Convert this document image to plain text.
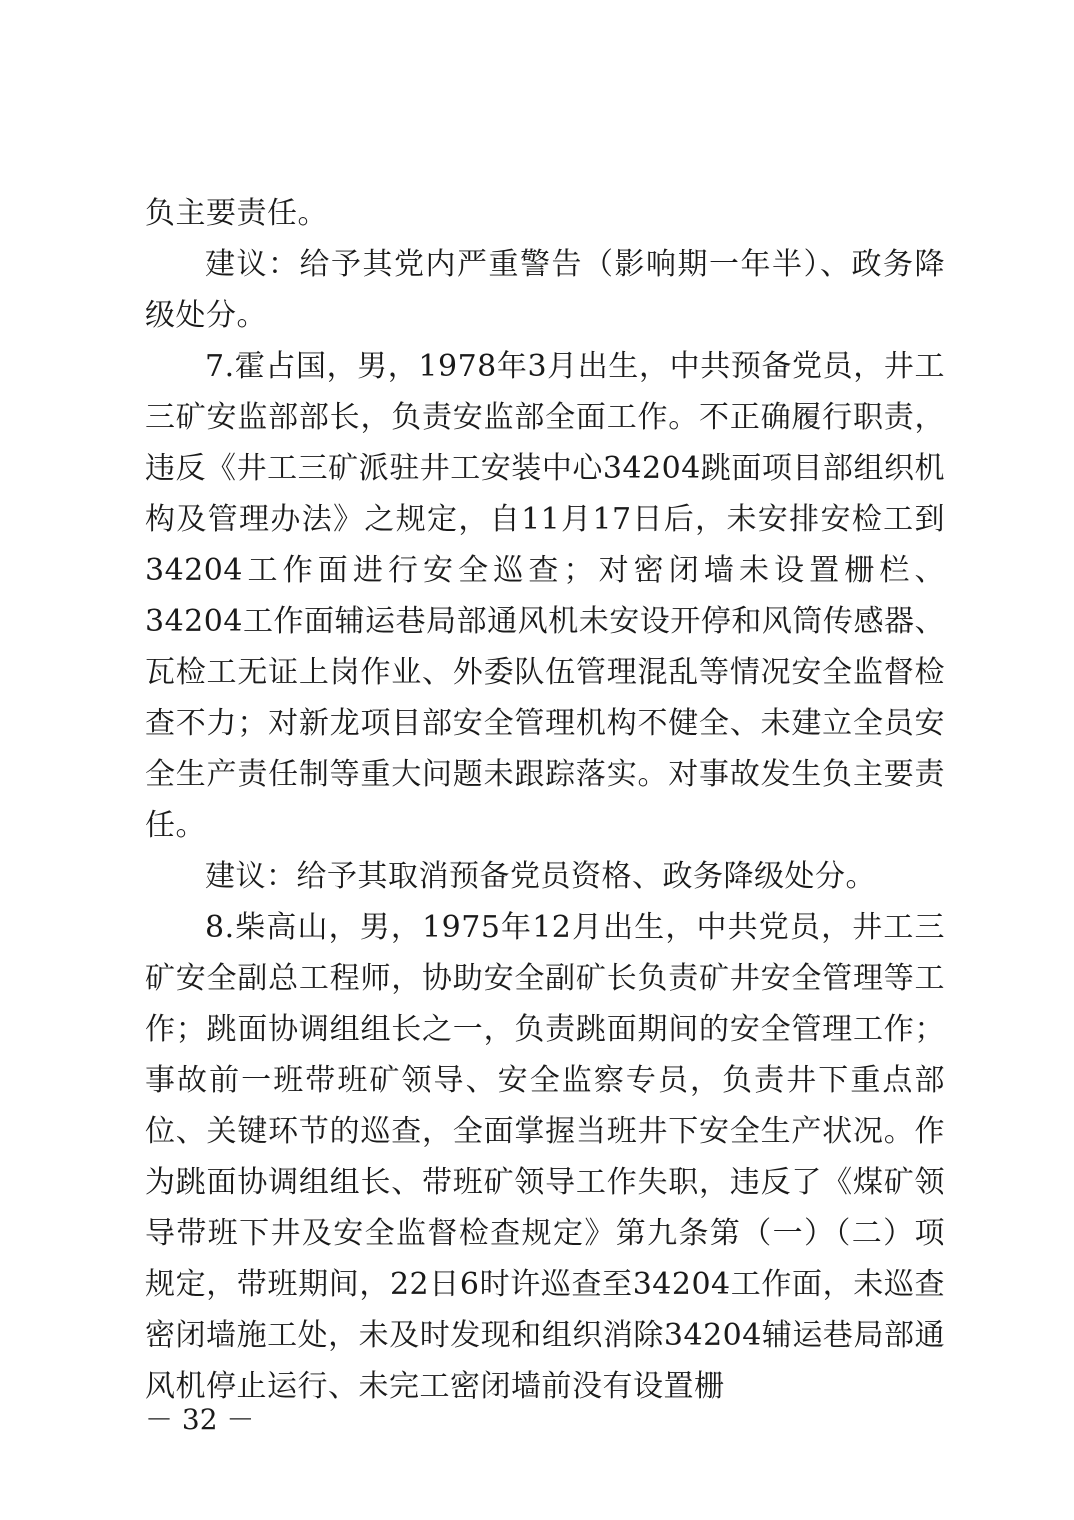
负主要责任。

建议：给予其党内严重警告（影响期一年半）、政务降级处分。

7.霍占国，男，1978年3月出生，中共预备党员，井工三矿安监部部长，负责安监部全面工作。不正确履行职责，违反《井工三矿派驻井工安装中心34204跳面项目部组织机构及管理办法》之规定，自11月17日后，未安排安检工到34204工作面进行安全巡查；对密闭墙未设置栅栏、34204工作面辅运巷局部通风机未安设开停和风筒传感器、瓦检工无证上岗作业、外委队伍管理混乱等情况安全监督检查不力；对新龙项目部安全管理机构不健全、未建立全员安全生产责任制等重大问题未跟踪落实。对事故发生负主要责任。

建议：给予其取消预备党员资格、政务降级处分。

8.柴高山，男，1975年12月出生，中共党员，井工三矿安全副总工程师，协助安全副矿长负责矿井安全管理等工作；跳面协调组组长之一，负责跳面期间的安全管理工作；事故前一班带班矿领导、安全监察专员，负责井下重点部位、关键环节的巡查，全面掌握当班井下安全生产状况。作为跳面协调组组长、带班矿领导工作失职，违反了《煤矿领导带班下井及安全监督检查规定》第九条第（一）（二）项规定，带班期间，22日6时许巡查至34204工作面，未巡查密闭墙施工处，未及时发现和组织消除34204辅运巷局部通风机停止运行、未完工密闭墙前没有设置栅

－ 32 －
